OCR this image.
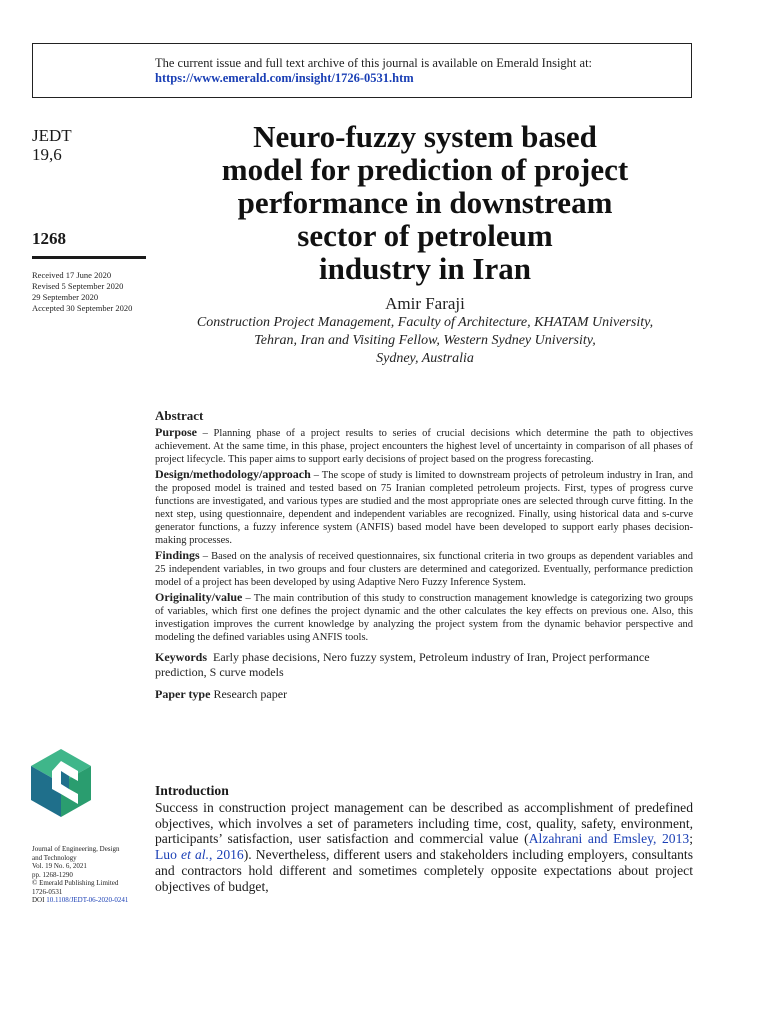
The current issue and full text archive of this journal is available on Emerald Insight at:
https://www.emerald.com/insight/1726-0531.htm
JEDT
19,6
1268
Received 17 June 2020
Revised 5 September 2020
29 September 2020
Accepted 30 September 2020
Neuro-fuzzy system based
model for prediction of project
performance in downstream
sector of petroleum
industry in Iran
Amir Faraji
Construction Project Management, Faculty of Architecture, KHATAM University,
Tehran, Iran and Visiting Fellow, Western Sydney University,
Sydney, Australia
Abstract

Purpose – Planning phase of a project results to series of crucial decisions which determine the path to objectives achievement. At the same time, in this phase, project encounters the highest level of uncertainty in comparison of all phases of project lifecycle. This paper aims to support early decisions of project based on the progress forecasting.

Design/methodology/approach – The scope of study is limited to downstream projects of petroleum industry in Iran, and the proposed model is trained and tested based on 75 Iranian completed petroleum projects. First, types of progress curve functions are investigated, and various types are studied and the most appropriate ones are selected through curve fitting. In the next step, using questionnaire, dependent and independent variables are recognized. Finally, using historical data and s-curve generator functions, a fuzzy inference system (ANFIS) based model have been developed to support early phases decision-making processes.

Findings – Based on the analysis of received questionnaires, six functional criteria in two groups as dependent variables and 25 independent variables, in two groups and four clusters are determined and categorized. Eventually, performance prediction model of a project has been developed by using Adaptive Nero Fuzzy Inference System.

Originality/value – The main contribution of this study to construction management knowledge is categorizing two groups of variables, which first one defines the project dynamic and the other calculates the key effects on previous one. Also, this investigation improves the current knowledge by analyzing the project system from the dynamic behavior perspective and modeling the defined variables using ANFIS tools.

Keywords Early phase decisions, Nero fuzzy system, Petroleum industry of Iran, Project performance prediction, S curve models
Paper type Research paper
Introduction
Success in construction project management can be described as accomplishment of predefined objectives, which involves a set of parameters including time, cost, quality, safety, environment, participants’ satisfaction, user satisfaction and commercial value (Alzahrani and Emsley, 2013; Luo et al., 2016). Nevertheless, different users and stakeholders including employers, consultants and contractors hold different and sometimes completely opposite expectations about project objectives of budget,
Journal of Engineering, Design
and Technology
Vol. 19 No. 6, 2021
pp. 1268-1290
© Emerald Publishing Limited
1726-0531
DOI 10.1108/JEDT-06-2020-0241
